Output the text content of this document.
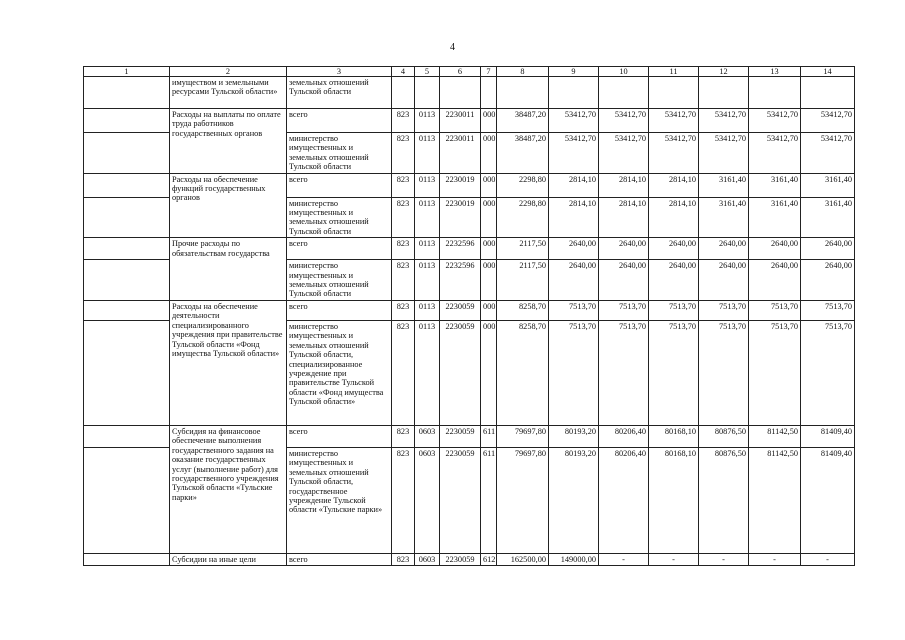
4
1	2	3	4	5	6	7	8	9	10	11	12	13	14
	имуществом и земельными ресурсами Тульской области»	земельных отношений Тульской области											
	Расходы на выплаты по оплате труда работников государственных органов	всего	823	0113	2230011	000	38487,20	53412,70	53412,70	53412,70	53412,70	53412,70	53412,70
		министерство имущественных и земельных отношений Тульской области	823	0113	2230011	000	38487,20	53412,70	53412,70	53412,70	53412,70	53412,70	53412,70
	Расходы на обеспечение функций государственных органов	всего	823	0113	2230019	000	2298,80	2814,10	2814,10	2814,10	3161,40	3161,40	3161,40
		министерство имущественных и земельных отношений Тульской области	823	0113	2230019	000	2298,80	2814,10	2814,10	2814,10	3161,40	3161,40	3161,40
	Прочие расходы по обязательствам государства	всего	823	0113	2232596	000	2117,50	2640,00	2640,00	2640,00	2640,00	2640,00	2640,00
		министерство имущественных и земельных отношений Тульской области	823	0113	2232596	000	2117,50	2640,00	2640,00	2640,00	2640,00	2640,00	2640,00
	Расходы на обеспечение деятельности специализированного учреждения при правительстве Тульской области «Фонд имущества Тульской области»	всего	823	0113	2230059	000	8258,70	7513,70	7513,70	7513,70	7513,70	7513,70	7513,70
		министерство имущественных и земельных отношений Тульской области, специализированное учреждение при правительстве Тульской области «Фонд имущества Тульской области»	823	0113	2230059	000	8258,70	7513,70	7513,70	7513,70	7513,70	7513,70	7513,70
	Субсидия на финансовое обеспечение выполнения государственного задания на оказание государственных услуг (выполнение работ) для государственного учреждения Тульской области «Тульские парки»	всего	823	0603	2230059	611	79697,80	80193,20	80206,40	80168,10	80876,50	81142,50	81409,40
		министерство имущественных и земельных отношений Тульской области, государственное учреждение Тульской области «Тульские парки»	823	0603	2230059	611	79697,80	80193,20	80206,40	80168,10	80876,50	81142,50	81409,40
	Субсидии на иные цели	всего	823	0603	2230059	612	162500,00	149000,00	-	-	-	-	-
